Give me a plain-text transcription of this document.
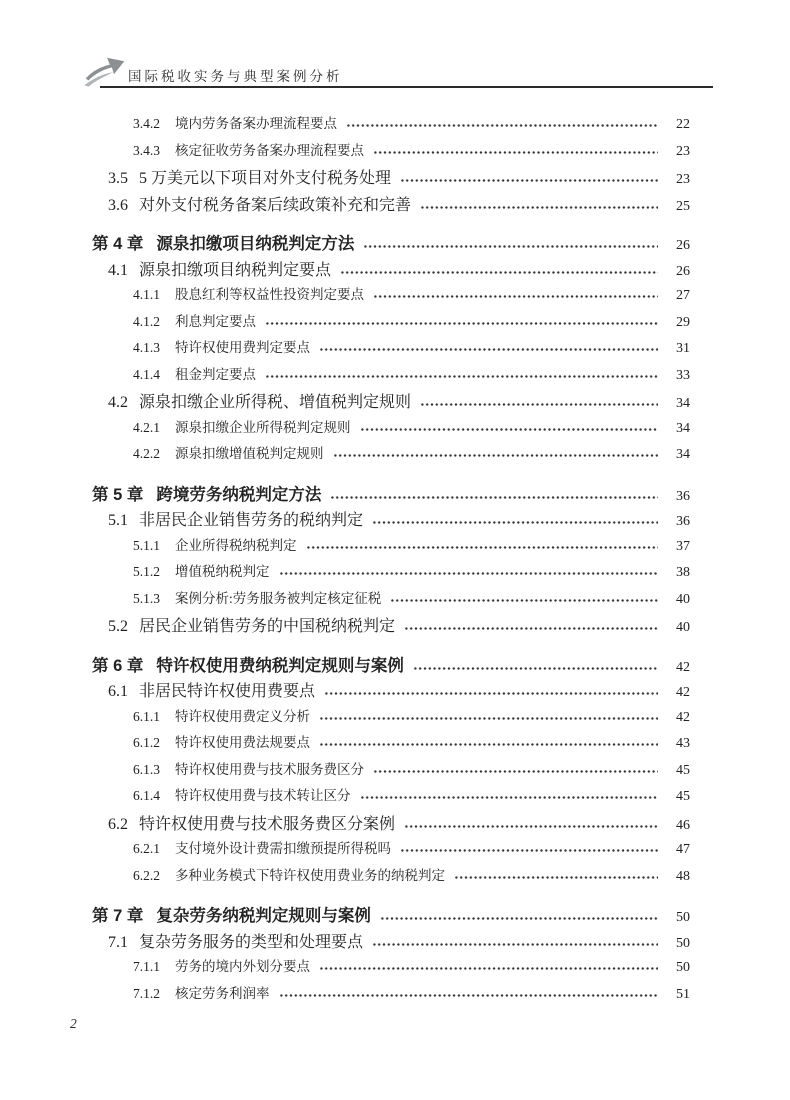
国际税收实务与典型案例分析
3.4.2	境内劳务备案办理流程要点	22
3.4.3	核定征收劳务备案办理流程要点	23
3.5 5 万美元以下项目对外支付税务处理	23
3.6 对外支付税务备案后续政策补充和完善	25
第 4 章 源泉扣缴项目纳税判定方法	26
4.1 源泉扣缴项目纳税判定要点	26
4.1.1	股息红利等权益性投资判定要点	27
4.1.2	利息判定要点	29
4.1.3	特许权使用费判定要点	31
4.1.4	租金判定要点	33
4.2 源泉扣缴企业所得税、增值税判定规则	34
4.2.1	源泉扣缴企业所得税判定规则	34
4.2.2	源泉扣缴增值税判定规则	34
第 5 章 跨境劳务纳税判定方法	36
5.1 非居民企业销售劳务的税纳判定	36
5.1.1	企业所得税纳税判定	37
5.1.2	增值税纳税判定	38
5.1.3	案例分析:劳务服务被判定核定征税	40
5.2 居民企业销售劳务的中国税纳税判定	40
第 6 章 特许权使用费纳税判定规则与案例	42
6.1 非居民特许权使用费要点	42
6.1.1	特许权使用费定义分析	42
6.1.2	特许权使用费法规要点	43
6.1.3	特许权使用费与技术服务费区分	45
6.1.4	特许权使用费与技术转让区分	45
6.2 特许权使用费与技术服务费区分案例	46
6.2.1	支付境外设计费需扣缴预提所得税吗	47
6.2.2	多种业务模式下特许权使用费业务的纳税判定	48
第 7 章 复杂劳务纳税判定规则与案例	50
7.1 复杂劳务服务的类型和处理要点	50
7.1.1	劳务的境内外划分要点	50
7.1.2	核定劳务利润率	51
2
